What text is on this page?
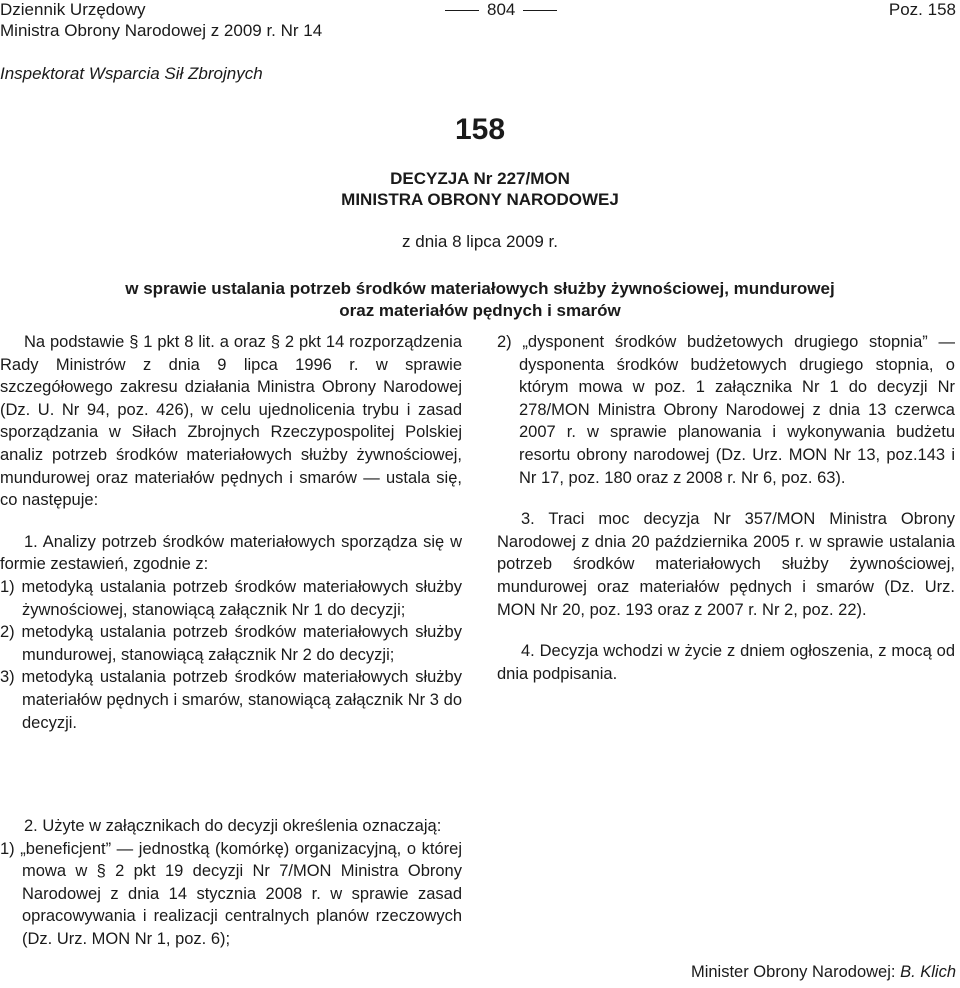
Dziennik Urzędowy
Ministra Obrony Narodowej z 2009 r. Nr 14
804	Poz. 158
Inspektorat Wsparcia Sił Zbrojnych
158
DECYZJA Nr 227/MON
MINISTRA OBRONY NARODOWEJ
z dnia 8 lipca 2009 r.
w sprawie ustalania potrzeb środków materiałowych służby żywnościowej, mundurowej
oraz materiałów pędnych i smarów

Na podstawie § 1 pkt 8 lit. a oraz § 2 pkt 14 rozporządzenia Rady Ministrów z dnia 9 lipca 1996 r. w sprawie szczegółowego zakresu działania Ministra Obrony Narodowej (Dz. U. Nr 94, poz. 426), w celu ujednolicenia trybu i zasad sporządzania w Siłach Zbrojnych Rzeczypospolitej Polskiej analiz potrzeb środków materiałowych służby żywnościowej, mundurowej oraz materiałów pędnych i smarów — ustala się, co następuje:

1. Analizy potrzeb środków materiałowych sporządza się w formie zestawień, zgodnie z:

1) metodyką ustalania potrzeb środków materiałowych służby żywnościowej, stanowiącą załącznik Nr 1 do decyzji;

2) metodyką ustalania potrzeb środków materiałowych służby mundurowej, stanowiącą załącznik Nr 2 do decyzji;

3) metodyką ustalania potrzeb środków materiałowych służby materiałów pędnych i smarów, stanowiącą załącznik Nr 3 do decyzji.

2) „dysponent środków budżetowych drugiego stopnia” — dysponenta środków budżetowych drugiego stopnia, o którym mowa w poz. 1 załącznika Nr 1 do decyzji Nr 278/MON Ministra Obrony Narodowej z dnia 13 czerwca 2007 r. w sprawie planowania i wykonywania budżetu resortu obrony narodowej (Dz. Urz. MON Nr 13, poz.143 i Nr 17, poz. 180 oraz z 2008 r. Nr 6, poz. 63).

3. Traci moc decyzja Nr 357/MON Ministra Obrony Narodowej z dnia 20 października 2005 r. w sprawie ustalania potrzeb środków materiałowych służby żywnościowej, mundurowej oraz materiałów pędnych i smarów (Dz. Urz. MON Nr 20, poz. 193 oraz z 2007 r. Nr 2, poz. 22).

4. Decyzja wchodzi w życie z dniem ogłoszenia, z mocą od dnia podpisania.

2. Użyte w załącznikach do decyzji określenia oznaczają:

1) „beneficjent” — jednostką (komórkę) organizacyjną, o której mowa w § 2 pkt 19 decyzji Nr 7/MON Ministra Obrony Narodowej z dnia 14 stycznia 2008 r. w sprawie zasad opracowywania i realizacji centralnych planów rzeczowych (Dz. Urz. MON Nr 1, poz. 6);

Minister Obrony Narodowej: B. Klich
